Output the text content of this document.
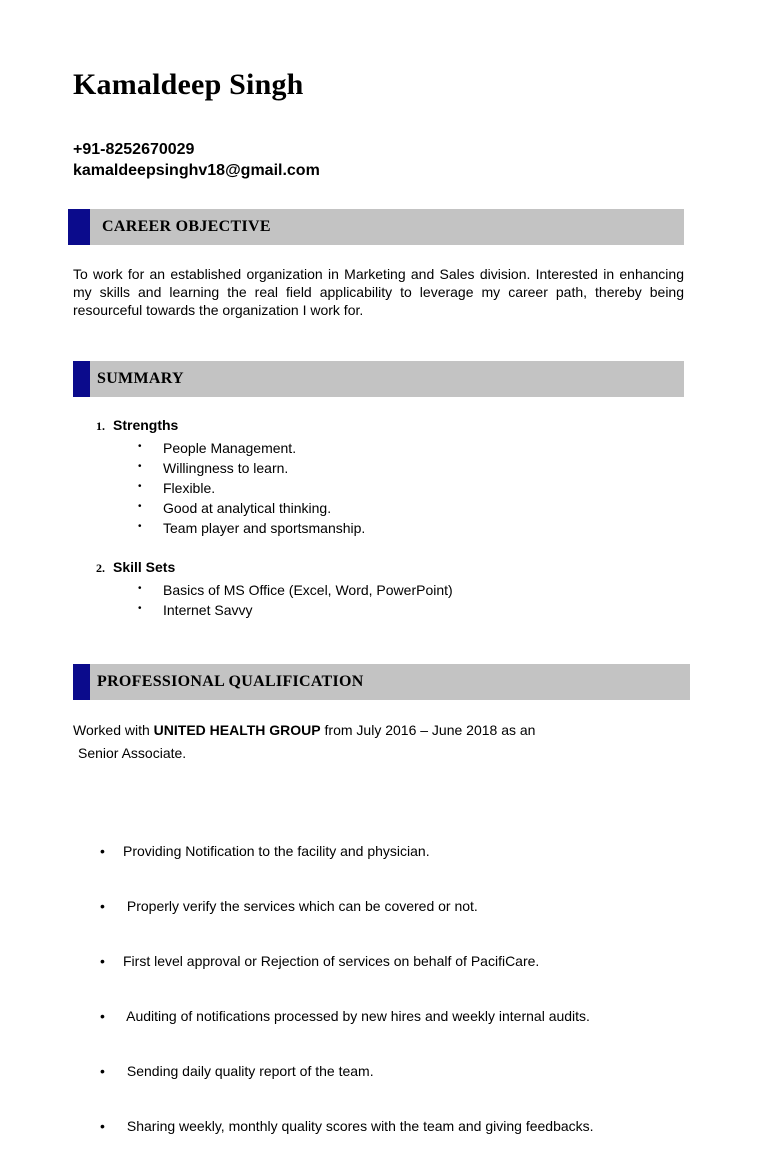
Kamaldeep Singh
+91-8252670029
kamaldeepsinghv18@gmail.com
CAREER OBJECTIVE
To work for an established organization in Marketing and Sales division. Interested in enhancing my skills and learning the real field applicability to leverage my career path, thereby being resourceful towards the organization I work for.
SUMMARY
1. Strengths
• People Management.
• Willingness to learn.
• Flexible.
• Good at analytical thinking.
• Team player and sportsmanship.
2. Skill Sets
• Basics of MS Office (Excel, Word, PowerPoint)
• Internet Savvy
PROFESSIONAL QUALIFICATION
Worked with UNITED HEALTH GROUP from July 2016 – June 2018 as an
Senior Associate.

• Providing Notification to the facility and physician.

• Properly verify the services which can be covered or not.

• First level approval or Rejection of services on behalf of PacifiCare.

• Auditing of notifications processed by new hires and weekly internal audits.

• Sending daily quality report of the team.

• Sharing weekly, monthly quality scores with the team and giving feedbacks.
